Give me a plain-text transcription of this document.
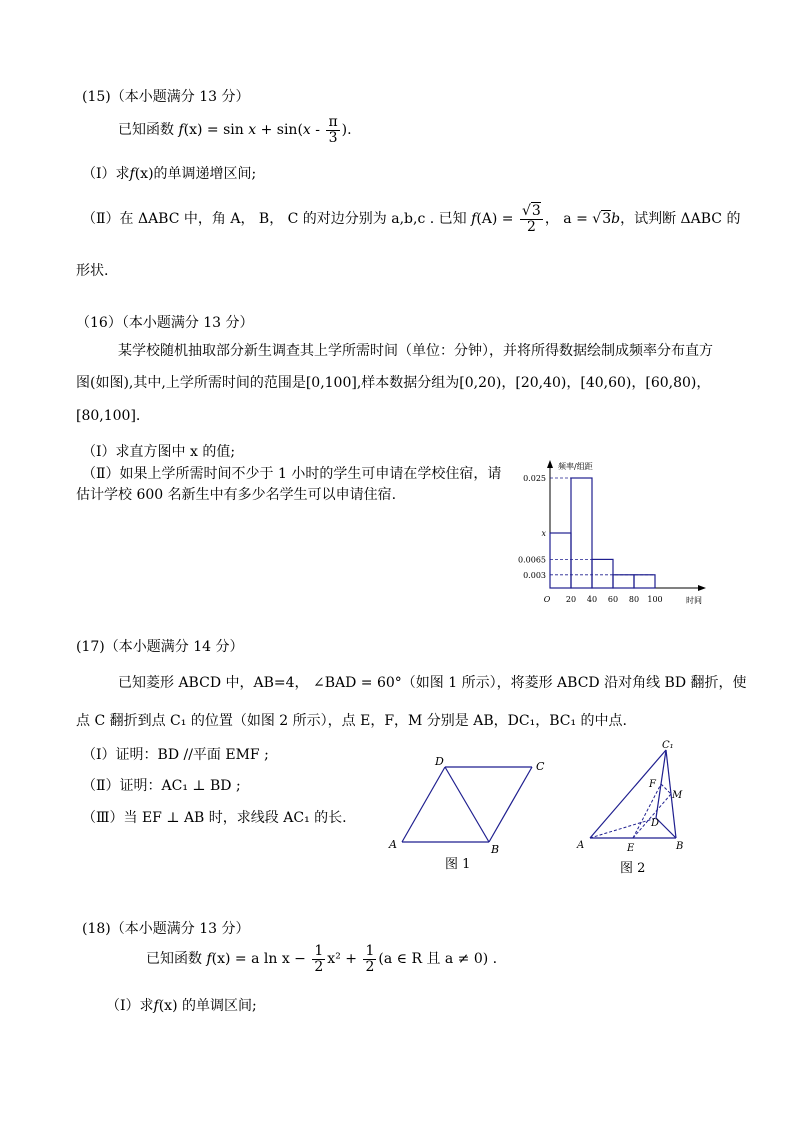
(15)（本小题满分 13 分）
已知函数 $f(x) = \sin x + \sin(x - \frac{\pi}{3}$ ).
（Ⅰ）求f(x)的单调递增区间;
（Ⅱ）在 ΔABC 中，角 A， B， C 的对边分别为 a,b,c . 已知 $f(A) = \frac{√3}{2}$ ， a = √3b，试判断 ΔABC 的
形状.
（16）（本小题满分 13 分）
某学校随机抽取部分新生调查其上学所需时间（单位：分钟），并将所得数据绘制成频率分布直方
图(如图),其中,上学所需时间的范围是[0,100],样本数据分组为[0,20)，[20,40)，[40,60)，[60,80)，
[80,100].
（Ⅰ）求直方图中 x 的值;
（Ⅱ）如果上学所需时间不少于 1 小时的学生可申请在学校住宿，请
估计学校 600 名新生中有多少名学生可以申请住宿.
频率/组距
时间
0.025
x
0.0065
0.003
O 20 40 60 80 100
(17)（本小题满分 14 分）
已知菱形 ABCD 中，AB=4， ∠BAD = 60°（如图 1 所示），将菱形 ABCD 沿对角线 BD 翻折，使
点 C 翻折到点 C₁ 的位置（如图 2 所示），点 E，F，M 分别是 AB，DC₁，BC₁ 的中点.
（Ⅰ）证明：BD //平面 EMF ;
（Ⅱ）证明：AC₁ ⊥ BD ;
（Ⅲ）当 EF ⊥ AB 时，求线段 AC₁ 的长.
A	B
C
D
图 1
C₁
A	B
E
F
M
D
图 2
(18)（本小题满分 13 分）
已知函数 f(x) = a $\ln x - \frac{1}{2} x^2 + \frac{1}{2} (a$ ∈ R 且 a ≠ 0) .
（Ⅰ）求f(x) 的单调区间;
